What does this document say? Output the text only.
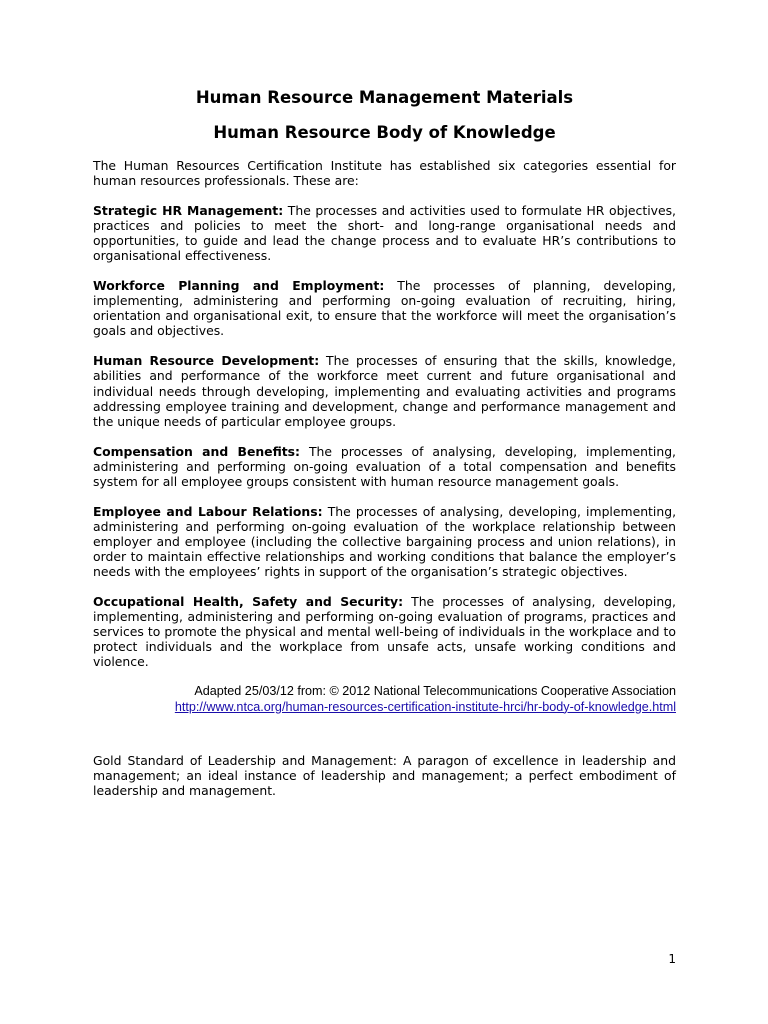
Human Resource Management Materials
Human Resource Body of Knowledge

The Human Resources Certification Institute has established six categories essential for human resources professionals. These are:

Strategic HR Management: The processes and activities used to formulate HR objectives, practices and policies to meet the short- and long-range organisational needs and opportunities, to guide and lead the change process and to evaluate HR’s contributions to organisational effectiveness.

Workforce Planning and Employment: The processes of planning, developing, implementing, administering and performing on-going evaluation of recruiting, hiring, orientation and organisational exit, to ensure that the workforce will meet the organisation’s goals and objectives.

Human Resource Development: The processes of ensuring that the skills, knowledge, abilities and performance of the workforce meet current and future organisational and individual needs through developing, implementing and evaluating activities and programs addressing employee training and development, change and performance management and the unique needs of particular employee groups.

Compensation and Benefits: The processes of analysing, developing, implementing, administering and performing on-going evaluation of a total compensation and benefits system for all employee groups consistent with human resource management goals.

Employee and Labour Relations: The processes of analysing, developing, implementing, administering and performing on-going evaluation of the workplace relationship between employer and employee (including the collective bargaining process and union relations), in order to maintain effective relationships and working conditions that balance the employer’s needs with the employees’ rights in support of the organisation’s strategic objectives.

Occupational Health, Safety and Security: The processes of analysing, developing, implementing, administering and performing on-going evaluation of programs, practices and services to promote the physical and mental well-being of individuals in the workplace and to protect individuals and the workplace from unsafe acts, unsafe working conditions and violence.

Adapted 25/03/12 from: © 2012 National Telecommunications Cooperative Association
http://www.ntca.org/human-resources-certification-institute-hrci/hr-body-of-knowledge.html

Gold Standard of Leadership and Management: A paragon of excellence in leadership and management; an ideal instance of leadership and management; a perfect embodiment of leadership and management.

1
